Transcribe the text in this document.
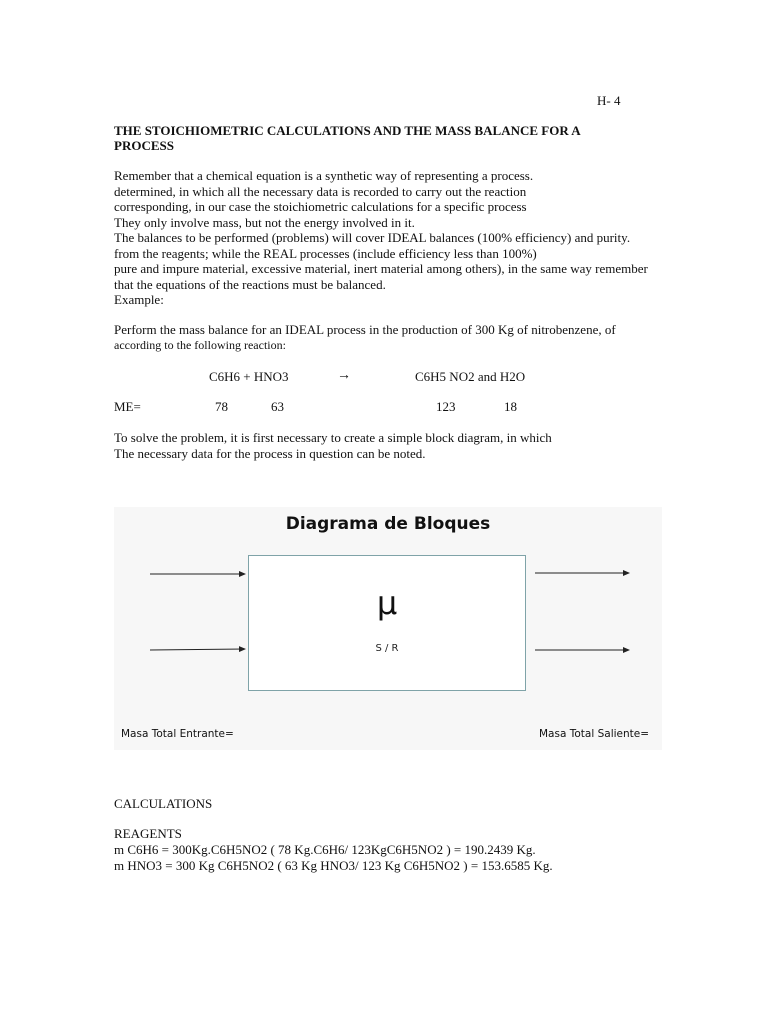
H- 4
THE STOICHIOMETRIC CALCULATIONS AND THE MASS BALANCE FOR A PROCESS
Remember that a chemical equation is a synthetic way of representing a process.
determined, in which all the necessary data is recorded to carry out the reaction
corresponding, in our case the stoichiometric calculations for a specific process
They only involve mass, but not the energy involved in it.
The balances to be performed (problems) will cover IDEAL balances (100% efficiency) and purity.
from the reagents; while the REAL processes (include efficiency less than 100%)
pure and impure material, excessive material, inert material among others), in the same way remember
that the equations of the reactions must be balanced.
Example:
Perform the mass balance for an IDEAL process in the production of 300 Kg of nitrobenzene, of
according to the following reaction:
C6H6 + HNO3	→	C6H5 NO2 and H2O
ME=	78	63	123	18
To solve the problem, it is first necessary to create a simple block diagram, in which
The necessary data for the process in question can be noted.
Diagrama de Bloques
μ
S / R
Masa Total Entrante=	Masa Total Saliente=
CALCULATIONS
REAGENTS
m C6H6 = 300Kg.C6H5NO2 ( 78 Kg.C6H6/ 123KgC6H5NO2 ) = 190.2439 Kg.
m HNO3 = 300 Kg C6H5NO2 ( 63 Kg HNO3/ 123 Kg C6H5NO2 ) = 153.6585 Kg.
